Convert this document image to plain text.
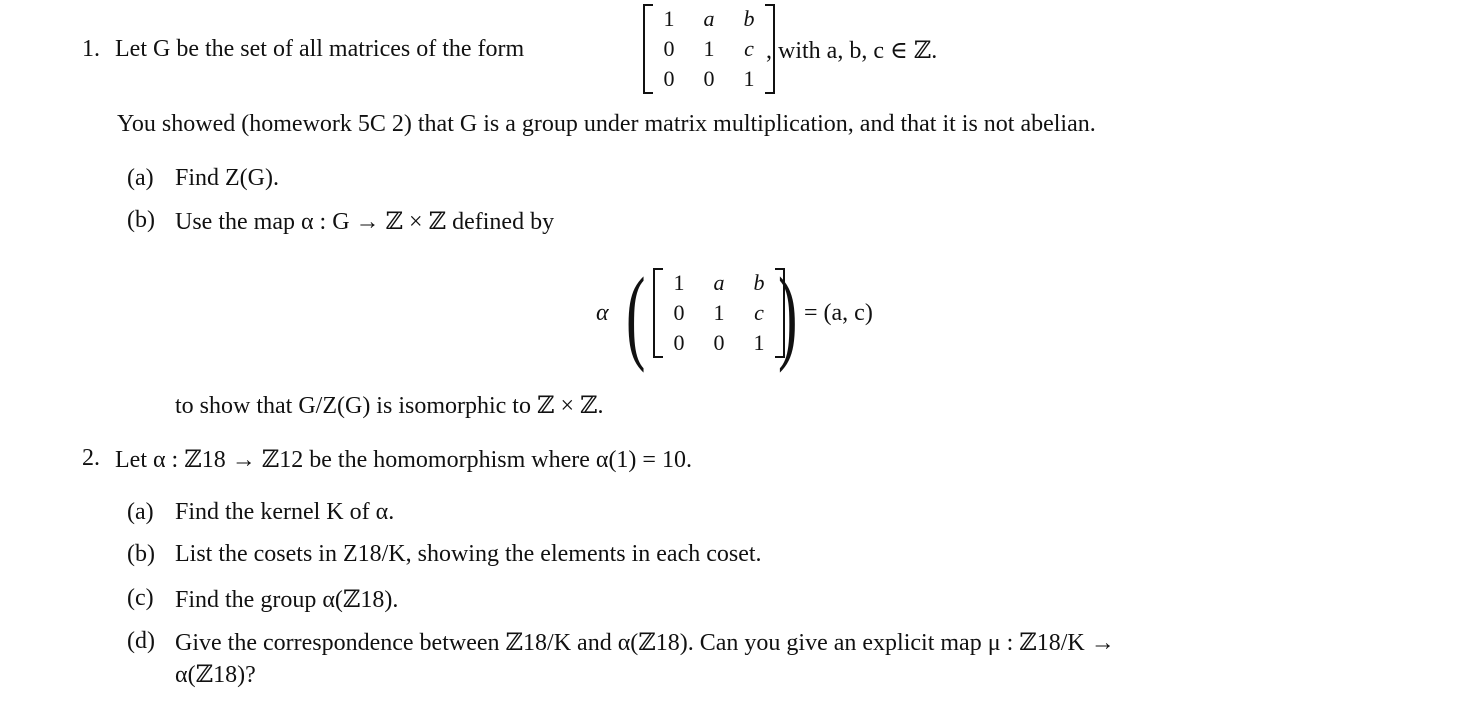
1. Let G be the set of all matrices of the form
1 a b
0 1 c
0 0 1
, with a, b, c ∈ ℤ.
You showed (homework 5C 2) that G is a group under matrix multiplication, and that it is not abelian.
(a) Find Z(G).
(b) Use the map α : G → ℤ × ℤ defined by
α ( 1 a b
0 1 c
0 0 1 ) = (a, c)
to show that G/Z(G) is isomorphic to ℤ × ℤ.
2. Let α : ℤ18 → ℤ12 be the homomorphism where α(1) = 10.
(a) Find the kernel K of α.
(b) List the cosets in Z18/K, showing the elements in each coset.
(c) Find the group α(ℤ18).
(d) Give the correspondence between ℤ18/K and α(ℤ18). Can you give an explicit map μ : ℤ18/K →
α(ℤ18)?
